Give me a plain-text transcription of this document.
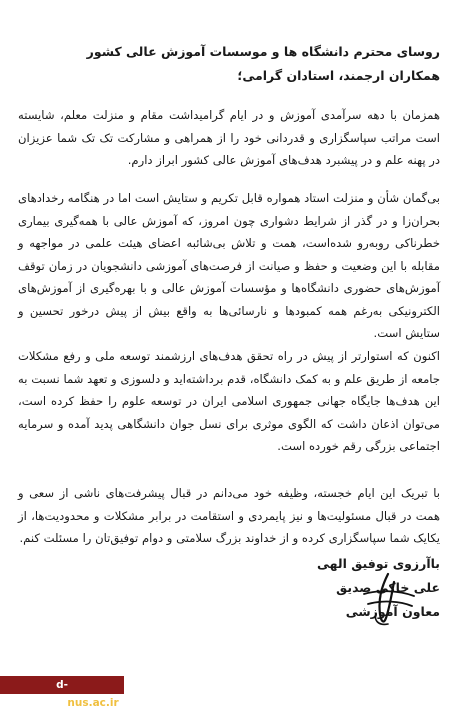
روسای محترم دانشگاه ها و موسسات آموزش عالی کشور
همکاران ارجمند، استادان گرامی؛
همزمان با دهه سرآمدی آموزش و در ایام گرامیداشت مقام و منزلت معلم، شایسته است مراتب سپاسگزاری و قدردانی خود را از همراهی و مشارکت تک تک شما عزیزان در پهنه علم و در پیشبرد هدف‌های آموزش عالی کشور ابراز دارم.
بی‌گمان شأن و منزلت استاد همواره قابل تکریم و ستایش است اما در هنگامه رخدادهای بحران‌زا و در گذر از شرایط دشواری چون امروز، که آموزش عالی با همه‌گیری بیماری خطرناکی روبه‌رو شده‌است، همت و تلاش بی‌شائبه اعضای هیئت علمی در مواجهه و مقابله با این وضعیت و حفظ و صیانت از فرصت‌های آموزشی دانشجویان در زمان توقف آموزش‌های حضوری دانشگاه‌ها و مؤسسات آموزش عالی و با بهره‌گیری از آموزش‌های الکترونیکی به‌رغم همه کمبودها و نارسائی‌ها به واقع بیش از پیش درخور تحسین و ستایش است.
اکنون که استوارتر از پیش در راه تحقق هدف‌های ارزشمند توسعه ملی و رفع مشکلات جامعه از طریق علم و به کمک دانشگاه، قدم برداشته‌اید و دلسوزی و تعهد شما نسبت به این هدف‌ها جایگاه جهانی جمهوری اسلامی ایران در توسعه علوم را حفظ کرده است، می‌توان اذعان داشت که الگوی موثری برای نسل جوان دانشگاهی پدید آمده و سرمایه اجتماعی بزرگی رقم خورده است.
با تبریک این ایام خجسته، وظیفه خود می‌دانم در قبال پیشرفت‌های ناشی از سعی و همت در قبال مسئولیت‌ها و نیز پایمردی و استقامت در برابر مشکلات و محدودیت‌ها، از یکایک شما سپاسگزاری کرده و از خداوند بزرگ سلامتی و دوام توفیق‌تان را مسئلت کنم.
باآرزوی توفیق الهی
علی خاکی صدیق
معاون آموزشی
d-boroujerd.nus.ac.ir
